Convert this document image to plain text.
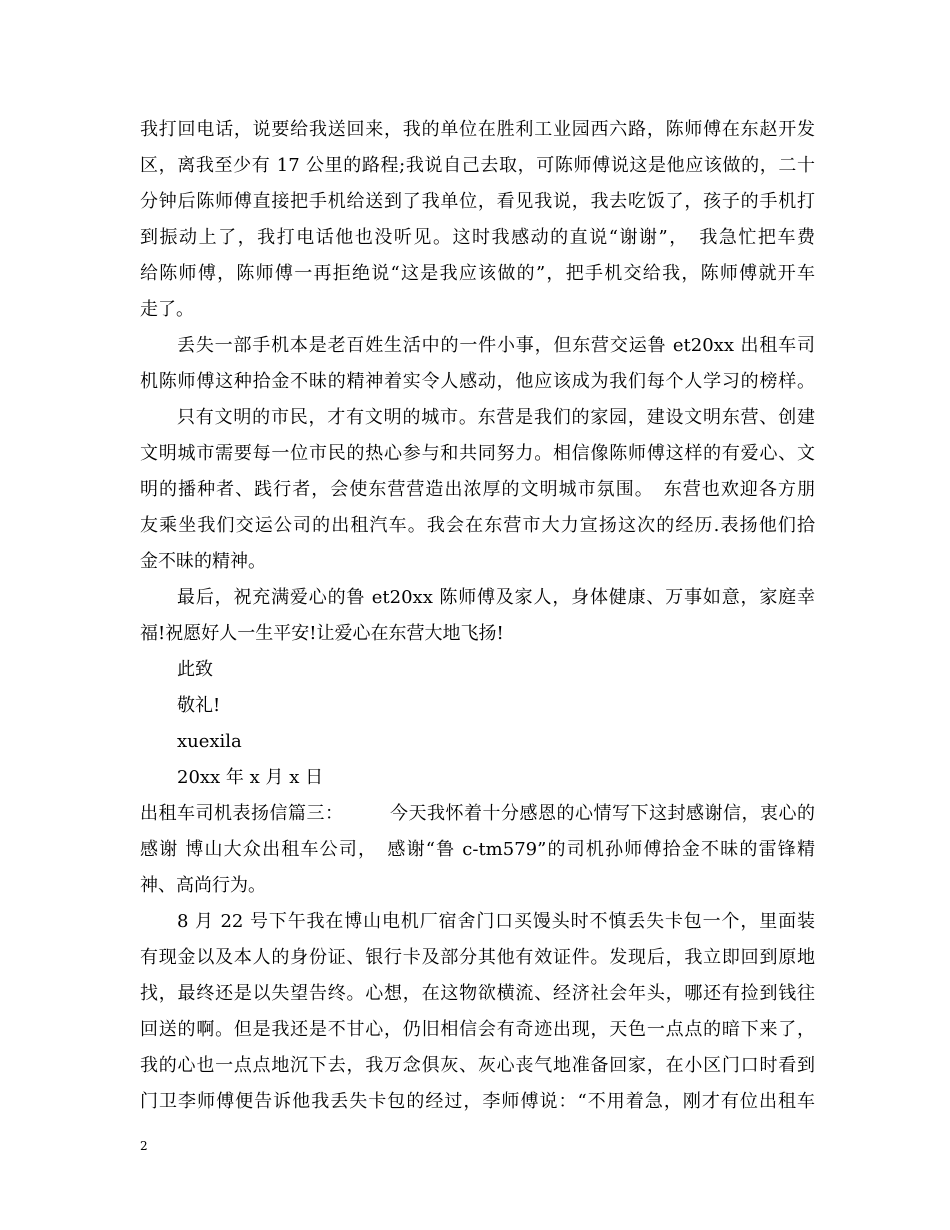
我打回电话，说要给我送回来，我的单位在胜利工业园西六路，陈师傅在东赵开发
区，离我至少有 17 公里的路程;我说自己去取，可陈师傅说这是他应该做的，二十
分钟后陈师傅直接把手机给送到了我单位，看见我说，我去吃饭了，孩子的手机打
到振动上了，我打电话他也没听见。这时我感动的直说“谢谢”，　我急忙把车费
给陈师傅，陈师傅一再拒绝说“这是我应该做的”，把手机交给我，陈师傅就开车
走了。
丢失一部手机本是老百姓生活中的一件小事，但东营交运鲁 et20xx 出租车司
机陈师傅这种拾金不昧的精神着实令人感动，他应该成为我们每个人学习的榜样。
只有文明的市民，才有文明的城市。东营是我们的家园，建设文明东营、创建
文明城市需要每一位市民的热心参与和共同努力。相信像陈师傅这样的有爱心、文
明的播种者、践行者，会使东营营造出浓厚的文明城市氛围。　东营也欢迎各方朋
友乘坐我们交运公司的出租汽车。我会在东营市大力宣扬这次的经历.表扬他们拾
金不昧的精神。
最后，祝充满爱心的鲁 et20xx 陈师傅及家人，身体健康、万事如意，家庭幸
福!祝愿好人一生平安!让爱心在东营大地飞扬!
此致
敬礼!
xuexila
20xx 年 x 月 x 日
出租车司机表扬信篇三：　　　今天我怀着十分感恩的心情写下这封感谢信，衷心的
感谢 博山大众出租车公司，　感谢“鲁 c-tm579”的司机孙师傅拾金不昧的雷锋精
神、高尚行为。
8 月 22 号下午我在博山电机厂宿舍门口买馒头时不慎丢失卡包一个，里面装
有现金以及本人的身份证、银行卡及部分其他有效证件。发现后，我立即回到原地
找，最终还是以失望告终。心想，在这物欲横流、经济社会年头，哪还有捡到钱往
回送的啊。但是我还是不甘心，仍旧相信会有奇迹出现，天色一点点的暗下来了，
我的心也一点点地沉下去，我万念俱灰、灰心丧气地准备回家，在小区门口时看到
门卫李师傅便告诉他我丢失卡包的经过，李师傅说：“不用着急，刚才有位出租车
2
